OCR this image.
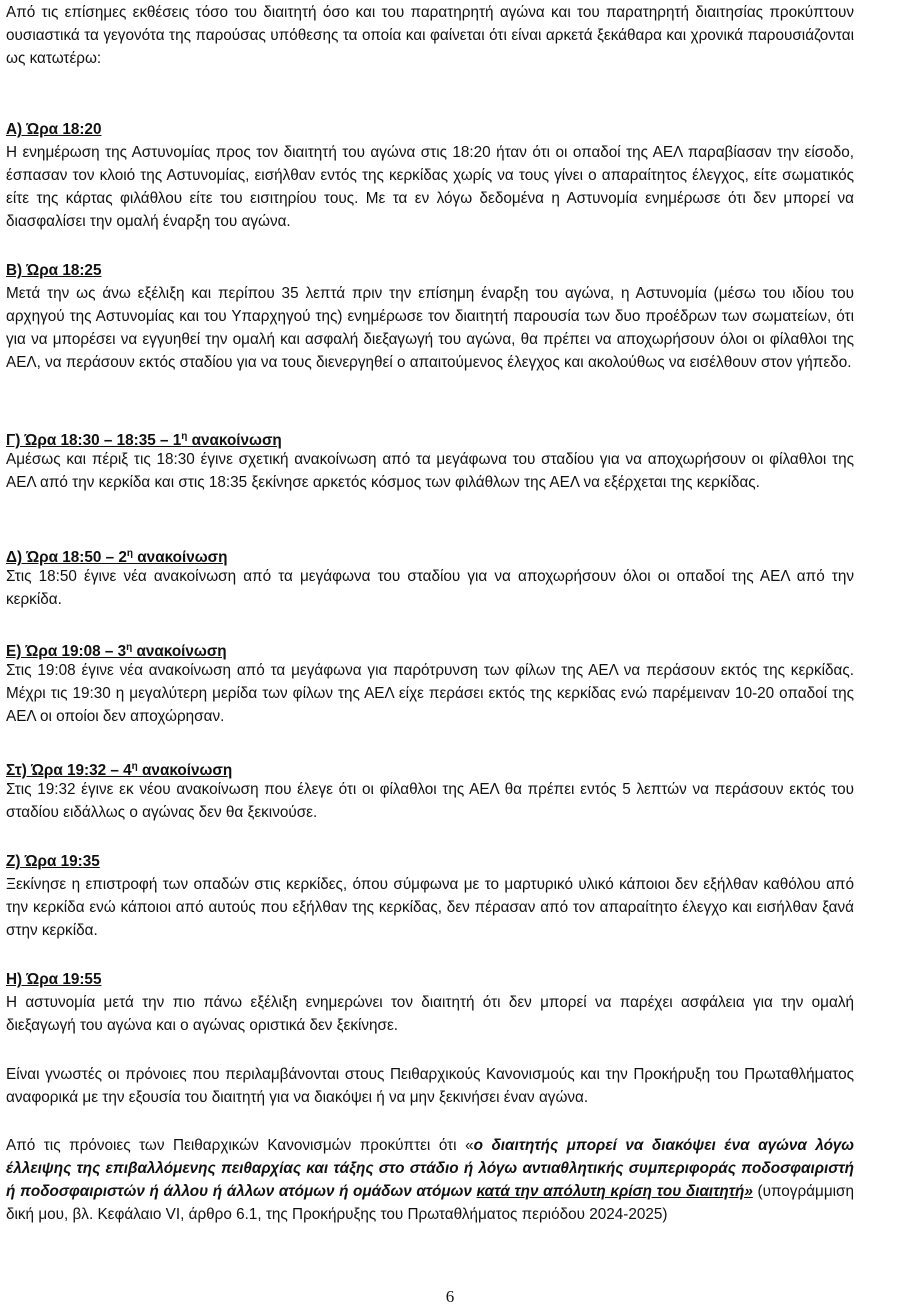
Από τις επίσημες εκθέσεις τόσο του διαιτητή όσο και του παρατηρητή αγώνα και του παρατηρητή διαιτησίας προκύπτουν ουσιαστικά τα γεγονότα της παρούσας υπόθεσης τα οποία και φαίνεται ότι είναι αρκετά ξεκάθαρα και χρονικά παρουσιάζονται ως κατωτέρω:

Α) Ώρα 18:20

Η ενημέρωση της Αστυνομίας προς τον διαιτητή του αγώνα στις 18:20 ήταν ότι οι οπαδοί της ΑΕΛ παραβίασαν την είσοδο, έσπασαν τον κλοιό της Αστυνομίας, εισήλθαν εντός της κερκίδας χωρίς να τους γίνει ο απαραίτητος έλεγχος, είτε σωματικός είτε της κάρτας φιλάθλου είτε του εισιτηρίου τους. Με τα εν λόγω δεδομένα η Αστυνομία ενημέρωσε ότι δεν μπορεί να διασφαλίσει την ομαλή έναρξη του αγώνα.

Β) Ώρα 18:25

Μετά την ως άνω εξέλιξη και περίπου 35 λεπτά πριν την επίσημη έναρξη του αγώνα, η Αστυνομία (μέσω του ιδίου του αρχηγού της Αστυνομίας και του Υπαρχηγού της) ενημέρωσε τον διαιτητή παρουσία των δυο προέδρων των σωματείων, ότι για να μπορέσει να εγγυηθεί την ομαλή και ασφαλή διεξαγωγή του αγώνα, θα πρέπει να αποχωρήσουν όλοι οι φίλαθλοι της ΑΕΛ, να περάσουν εκτός σταδίου για να τους διενεργηθεί ο απαιτούμενος έλεγχος και ακολούθως να εισέλθουν στον γήπεδο.

Γ) Ώρα 18:30 – 18:35 – $1^\eta$ ανακοίνωση

Αμέσως και πέριξ τις 18:30 έγινε σχετική ανακοίνωση από τα μεγάφωνα του σταδίου για να αποχωρήσουν οι φίλαθλοι της ΑΕΛ από την κερκίδα και στις 18:35 ξεκίνησε αρκετός κόσμος των φιλάθλων της ΑΕΛ να εξέρχεται της κερκίδας.

Δ) Ώρα 18:50 – $2^\eta$ ανακοίνωση

Στις 18:50 έγινε νέα ανακοίνωση από τα μεγάφωνα του σταδίου για να αποχωρήσουν όλοι οι οπαδοί της ΑΕΛ από την κερκίδα.

Ε) Ώρα 19:08 – $3^\eta$ ανακοίνωση

Στις 19:08 έγινε νέα ανακοίνωση από τα μεγάφωνα για παρότρυνση των φίλων της ΑΕΛ να περάσουν εκτός της κερκίδας. Μέχρι τις 19:30 η μεγαλύτερη μερίδα των φίλων της ΑΕΛ είχε περάσει εκτός της κερκίδας ενώ παρέμειναν 10-20 οπαδοί της ΑΕΛ οι οποίοι δεν αποχώρησαν.

Στ) Ώρα 19:32 – $4^\eta$ ανακοίνωση

Στις 19:32 έγινε εκ νέου ανακοίνωση που έλεγε ότι οι φίλαθλοι της ΑΕΛ θα πρέπει εντός 5 λεπτών να περάσουν εκτός του σταδίου ειδάλλως ο αγώνας δεν θα ξεκινούσε.

Ζ) Ώρα 19:35

Ξεκίνησε η επιστροφή των οπαδών στις κερκίδες, όπου σύμφωνα με το μαρτυρικό υλικό κάποιοι δεν εξήλθαν καθόλου από την κερκίδα ενώ κάποιοι από αυτούς που εξήλθαν της κερκίδας, δεν πέρασαν από τον απαραίτητο έλεγχο και εισήλθαν ξανά στην κερκίδα.

Η) Ώρα 19:55

Η αστυνομία μετά την πιο πάνω εξέλιξη ενημερώνει τον διαιτητή ότι δεν μπορεί να παρέχει ασφάλεια για την ομαλή διεξαγωγή του αγώνα και ο αγώνας οριστικά δεν ξεκίνησε.

Είναι γνωστές οι πρόνοιες που περιλαμβάνονται στους Πειθαρχικούς Κανονισμούς και την Προκήρυξη του Πρωταθλήματος αναφορικά με την εξουσία του διαιτητή για να διακόψει ή να μην ξεκινήσει έναν αγώνα.

Από τις πρόνοιες των Πειθαρχικών Κανονισμών προκύπτει ότι «ο διαιτητής μπορεί να διακόψει ένα αγώνα λόγω έλλειψης της επιβαλλόμενης πειθαρχίας και τάξης στο στάδιο ή λόγω αντιαθλητικής συμπεριφοράς ποδοσφαιριστή ή ποδοσφαιριστών ή άλλου ή άλλων ατόμων ή ομάδων ατόμων κατά την απόλυτη κρίση του διαιτητή» (υπογράμμιση δική μου, βλ. Κεφάλαιο VI, άρθρο 6.1, της Προκήρυξης του Πρωταθλήματος περιόδου 2024-2025)

6
